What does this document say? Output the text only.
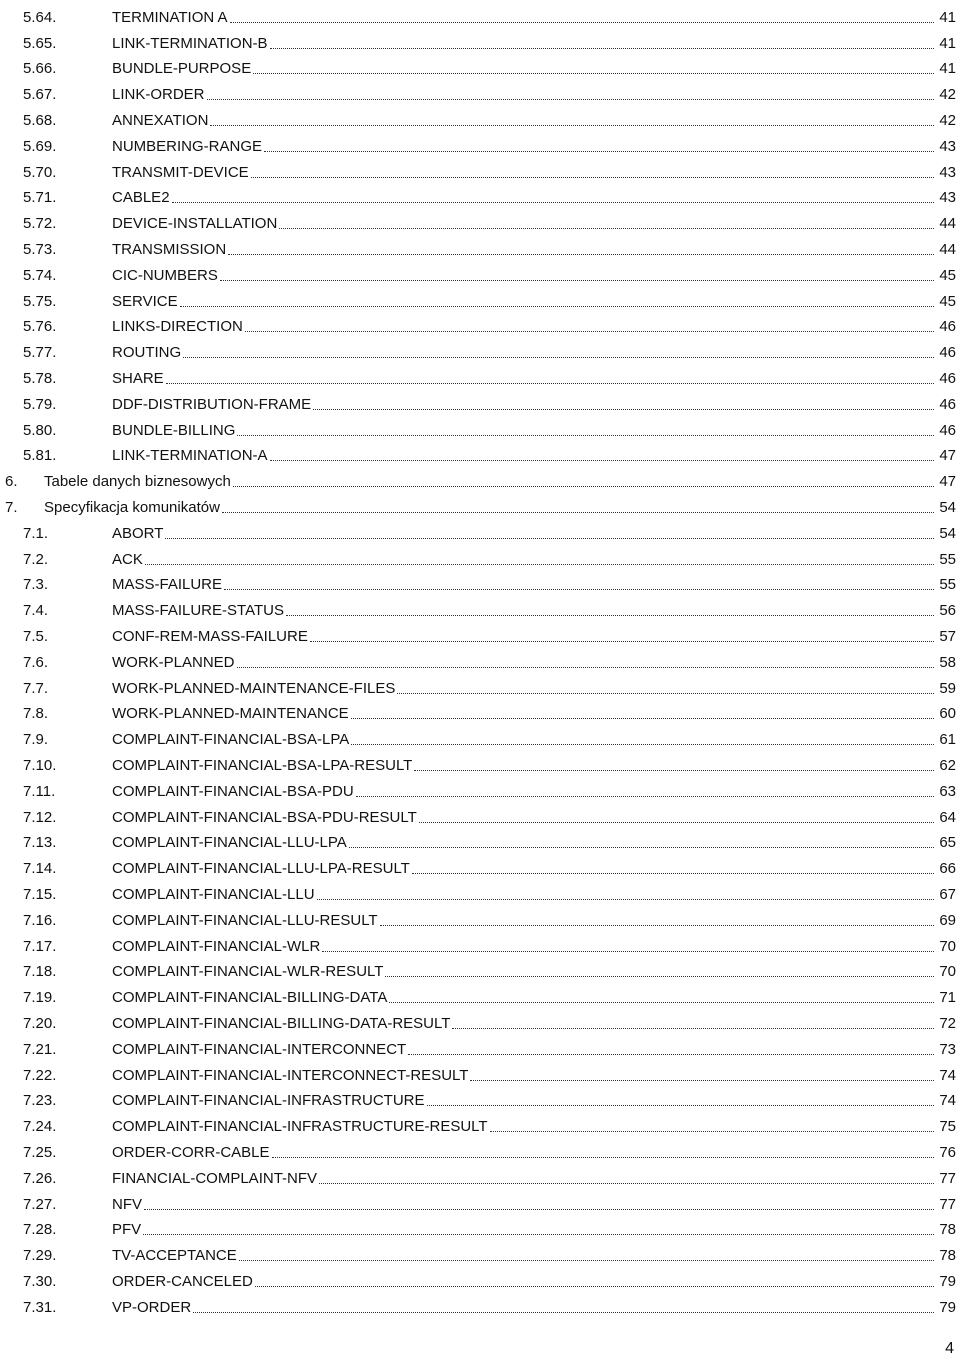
5.64.	TERMINATION A	41
5.65.	LINK-TERMINATION-B	41
5.66.	BUNDLE-PURPOSE	41
5.67.	LINK-ORDER	42
5.68.	ANNEXATION	42
5.69.	NUMBERING-RANGE	43
5.70.	TRANSMIT-DEVICE	43
5.71.	CABLE2	43
5.72.	DEVICE-INSTALLATION	44
5.73.	TRANSMISSION	44
5.74.	CIC-NUMBERS	45
5.75.	SERVICE	45
5.76.	LINKS-DIRECTION	46
5.77.	ROUTING	46
5.78.	SHARE	46
5.79.	DDF-DISTRIBUTION-FRAME	46
5.80.	BUNDLE-BILLING	46
5.81.	LINK-TERMINATION-A	47
6. Tabele danych biznesowych	47
7. Specyfikacja komunikatów	54
7.1.	ABORT	54
7.2.	ACK	55
7.3.	MASS-FAILURE	55
7.4.	MASS-FAILURE-STATUS	56
7.5.	CONF-REM-MASS-FAILURE	57
7.6.	WORK-PLANNED	58
7.7.	WORK-PLANNED-MAINTENANCE-FILES	59
7.8.	WORK-PLANNED-MAINTENANCE	60
7.9.	COMPLAINT-FINANCIAL-BSA-LPA	61
7.10.	COMPLAINT-FINANCIAL-BSA-LPA-RESULT	62
7.11.	COMPLAINT-FINANCIAL-BSA-PDU	63
7.12.	COMPLAINT-FINANCIAL-BSA-PDU-RESULT	64
7.13.	COMPLAINT-FINANCIAL-LLU-LPA	65
7.14.	COMPLAINT-FINANCIAL-LLU-LPA-RESULT	66
7.15.	COMPLAINT-FINANCIAL-LLU	67
7.16.	COMPLAINT-FINANCIAL-LLU-RESULT	69
7.17.	COMPLAINT-FINANCIAL-WLR	70
7.18.	COMPLAINT-FINANCIAL-WLR-RESULT	70
7.19.	COMPLAINT-FINANCIAL-BILLING-DATA	71
7.20.	COMPLAINT-FINANCIAL-BILLING-DATA-RESULT	72
7.21.	COMPLAINT-FINANCIAL-INTERCONNECT	73
7.22.	COMPLAINT-FINANCIAL-INTERCONNECT-RESULT	74
7.23.	COMPLAINT-FINANCIAL-INFRASTRUCTURE	74
7.24.	COMPLAINT-FINANCIAL-INFRASTRUCTURE-RESULT	75
7.25.	ORDER-CORR-CABLE	76
7.26.	FINANCIAL-COMPLAINT-NFV	77
7.27.	NFV	77
7.28.	PFV	78
7.29.	TV-ACCEPTANCE	78
7.30.	ORDER-CANCELED	79
7.31.	VP-ORDER	79
4
